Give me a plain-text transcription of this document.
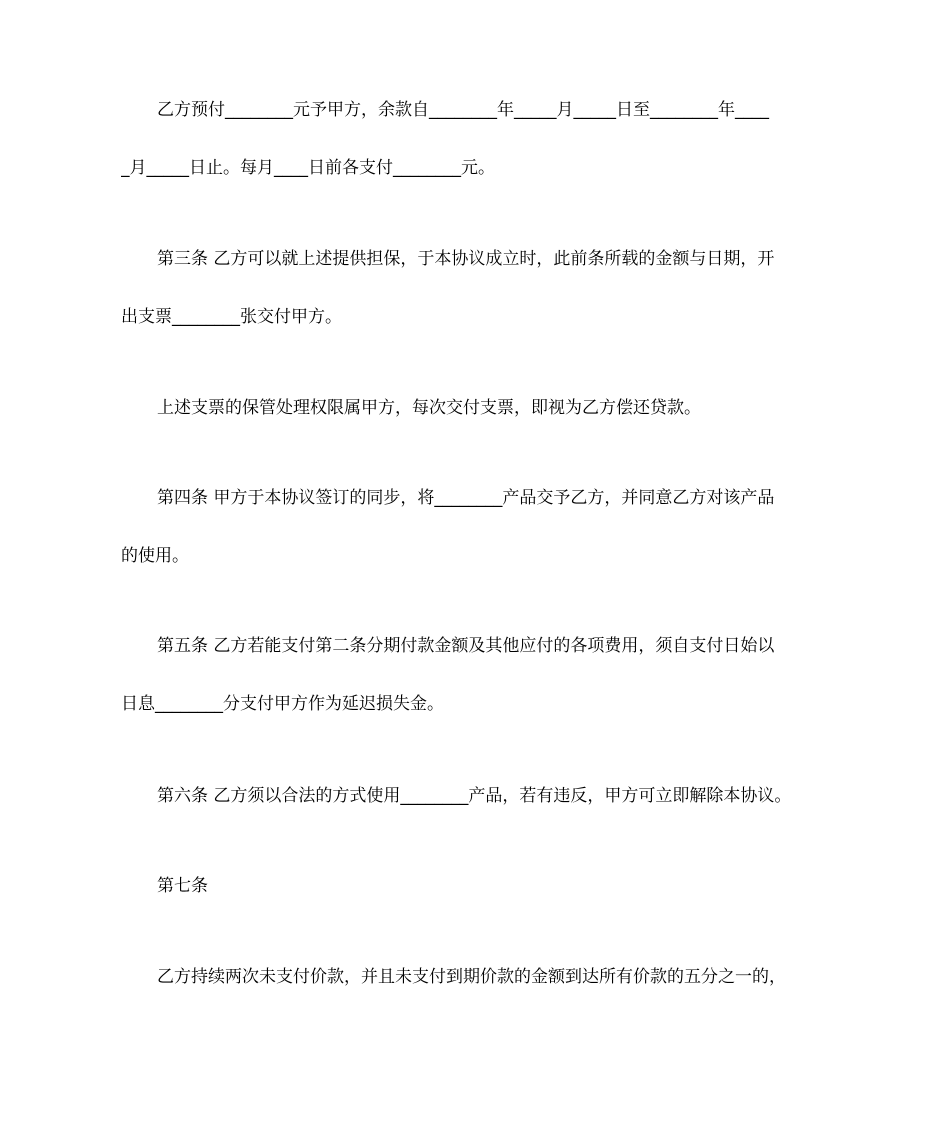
乙方预付________元予甲方，余款自________年_____月_____日至________年____
_月_____日止。每月____日前各支付________元。
第三条 乙方可以就上述提供担保，于本协议成立时，此前条所载的金额与日期，开
出支票________张交付甲方。
上述支票的保管处理权限属甲方，每次交付支票，即视为乙方偿还贷款。
第四条 甲方于本协议签订的同步，将________产品交予乙方，并同意乙方对该产品
的使用。
第五条 乙方若能支付第二条分期付款金额及其他应付的各项费用，须自支付日始以
日息________分支付甲方作为延迟损失金。
第六条 乙方须以合法的方式使用________产品，若有违反，甲方可立即解除本协议。
第七条
乙方持续两次未支付价款，并且未支付到期价款的金额到达所有价款的五分之一的，
